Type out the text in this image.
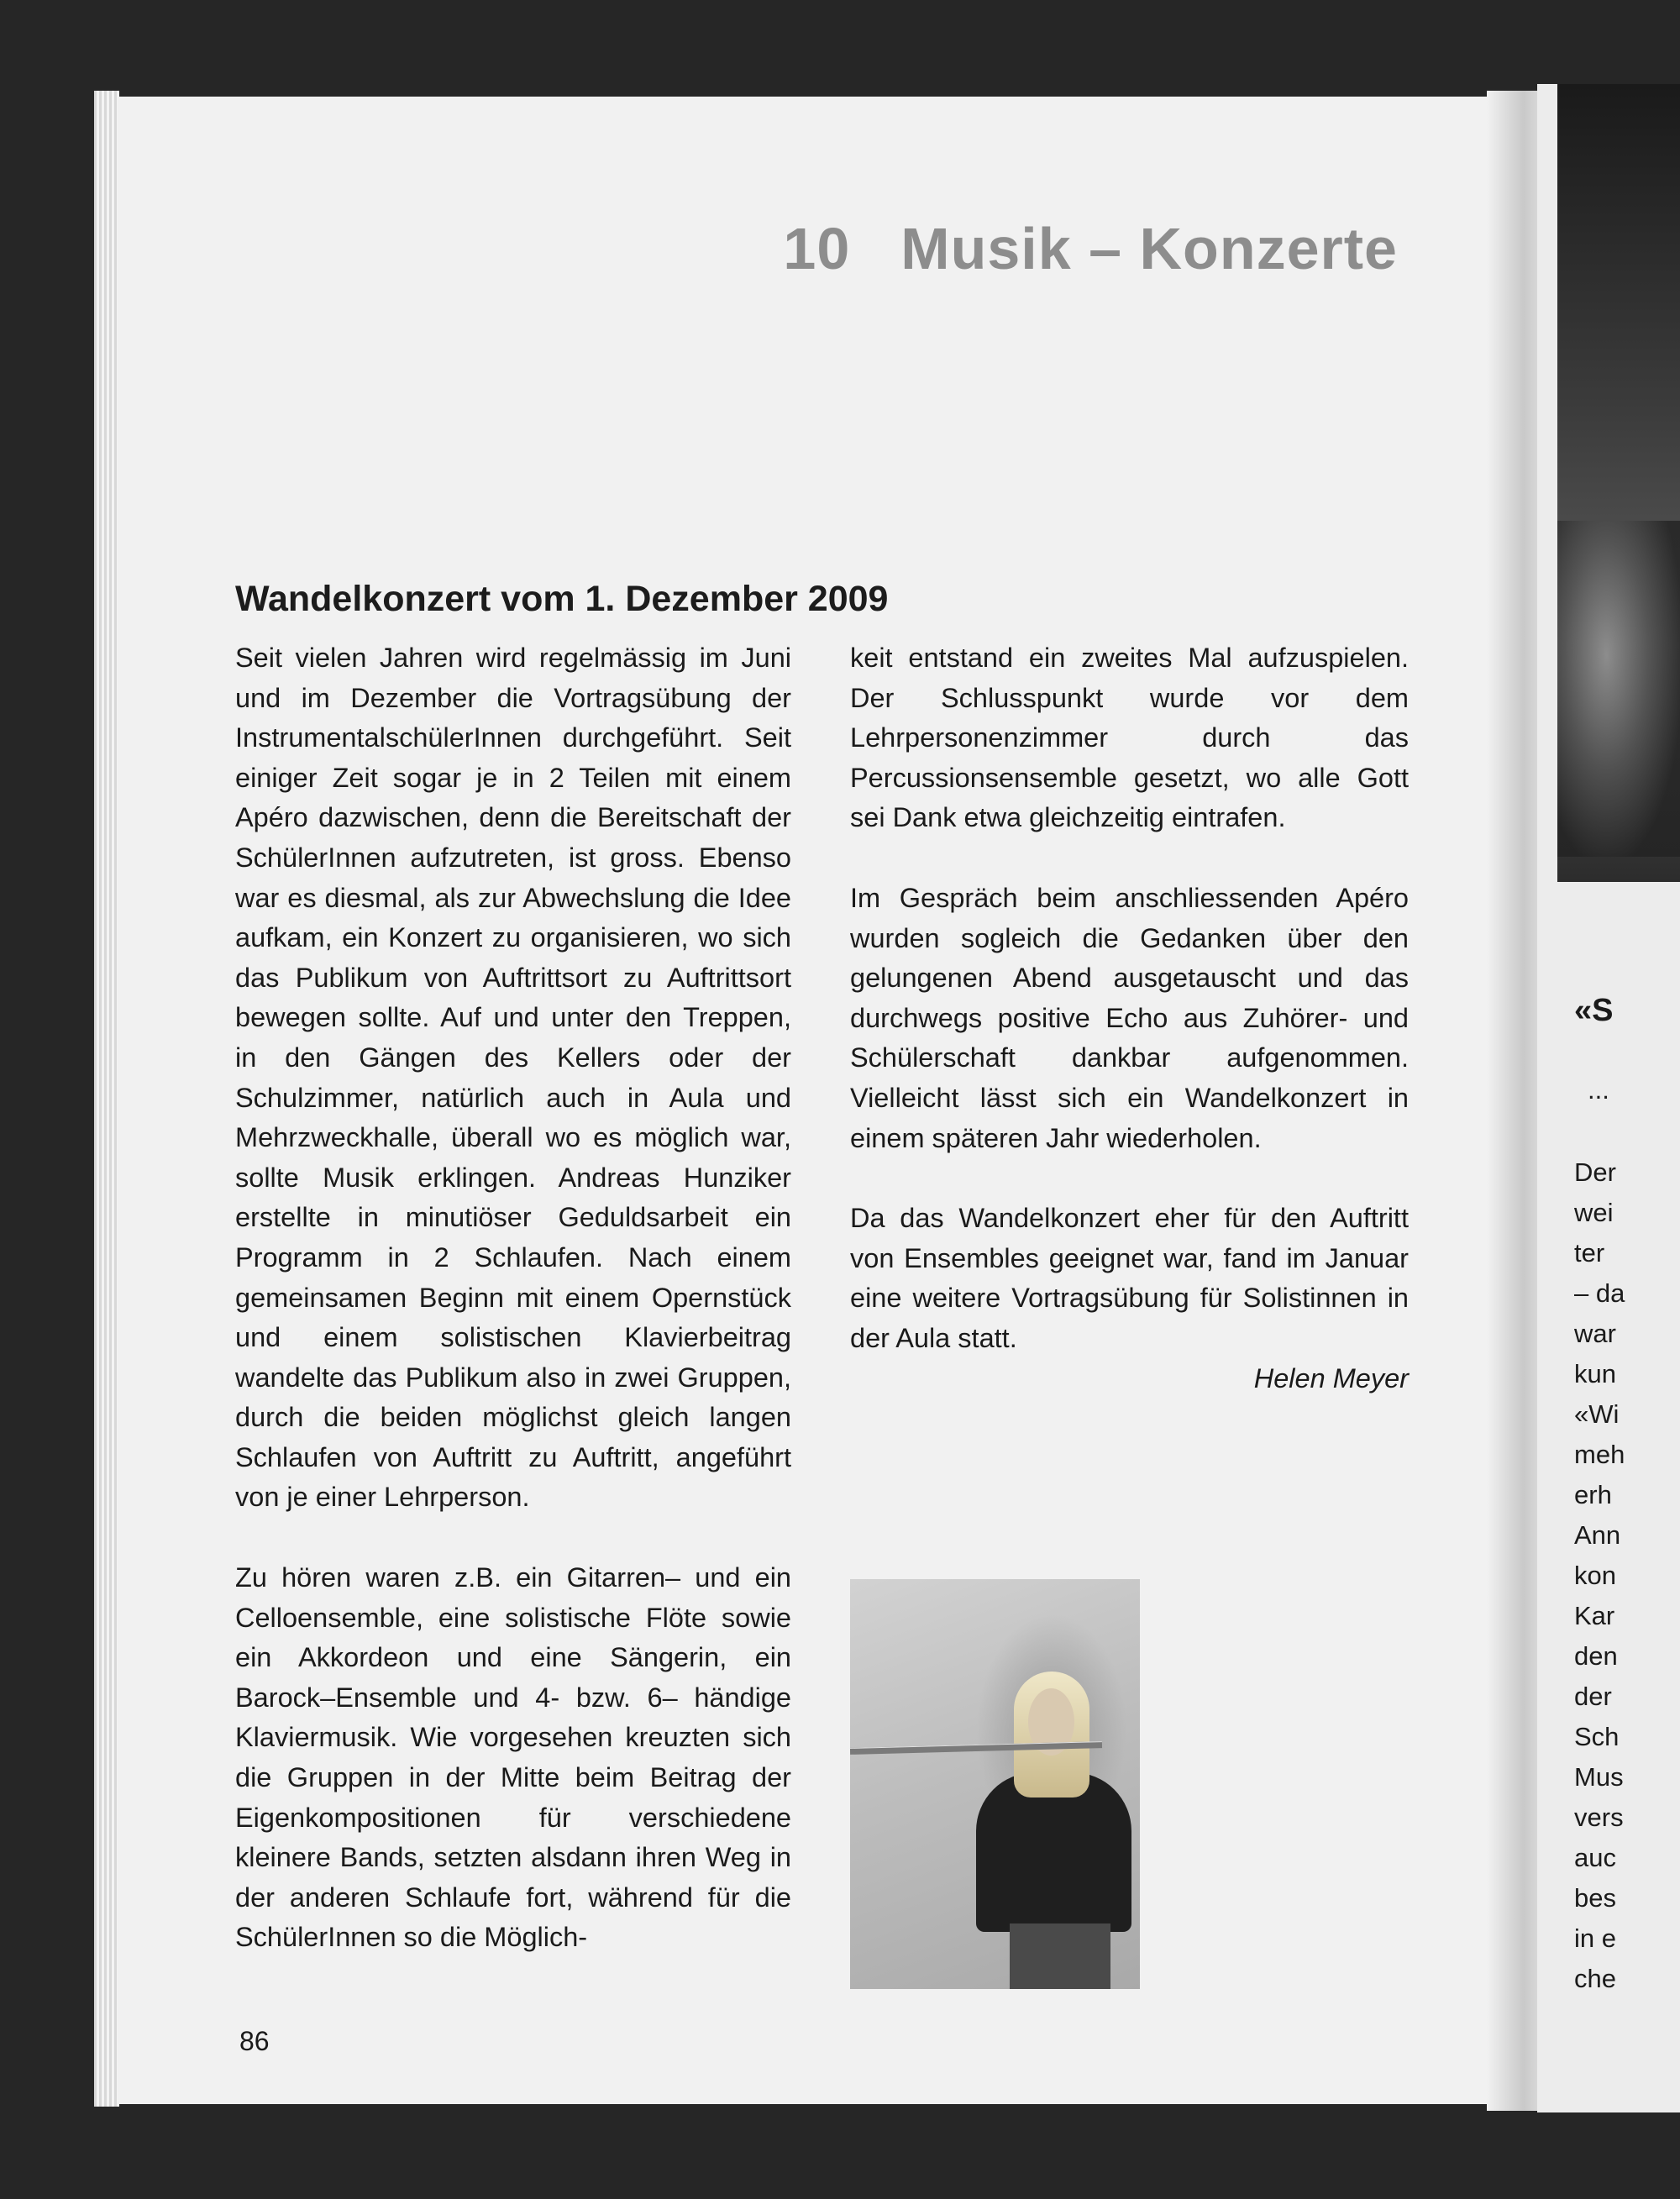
«S
...
Der
wei
ter
– da
war
kun
«Wi
meh
erh
Ann
kon
Kar
den
der
Sch
Mus
vers
auc
bes
in e
che
10 Musik – Konzerte
Wandelkonzert vom 1. Dezember 2009

Seit vielen Jahren wird regelmässig im Juni und im Dezember die Vortragsübung der InstrumentalschülerInnen durchgeführt. Seit einiger Zeit sogar je in 2 Teilen mit einem Apéro dazwischen, denn die Bereitschaft der SchülerInnen aufzutreten, ist gross. Ebenso war es diesmal, als zur Abwechslung die Idee aufkam, ein Konzert zu organisieren, wo sich das Publikum von Auftrittsort zu Auftrittsort bewegen sollte. Auf und unter den Treppen, in den Gängen des Kellers oder der Schulzimmer, natürlich auch in Aula und Mehrzweckhalle, überall wo es möglich war, sollte Musik erklingen. Andreas Hunziker erstellte in minutiöser Geduldsarbeit ein Programm in 2 Schlaufen. Nach einem gemeinsamen Beginn mit einem Opernstück und einem solistischen Klavierbeitrag wandelte das Publikum also in zwei Gruppen, durch die beiden möglichst gleich langen Schlaufen von Auftritt zu Auftritt, angeführt von je einer Lehrperson.

Zu hören waren z.B. ein Gitarren– und ein Celloensemble, eine solistische Flöte sowie ein Akkordeon und eine Sängerin, ein Barock–Ensemble und 4- bzw. 6– händige Klaviermusik. Wie vorgesehen kreuzten sich die Gruppen in der Mitte beim Beitrag der Eigenkompositionen für verschiedene kleinere Bands, setzten alsdann ihren Weg in der anderen Schlaufe fort, während für die SchülerInnen so die Möglich-

keit entstand ein zweites Mal aufzuspielen. Der Schlusspunkt wurde vor dem Lehrpersonenzimmer durch das Percussionsensemble gesetzt, wo alle Gott sei Dank etwa gleichzeitig eintrafen.

Im Gespräch beim anschliessenden Apéro wurden sogleich die Gedanken über den gelungenen Abend ausgetauscht und das durchwegs positive Echo aus Zuhörer- und Schülerschaft dankbar aufgenommen. Vielleicht lässt sich ein Wandelkonzert in einem späteren Jahr wiederholen.

Da das Wandelkonzert eher für den Auftritt von Ensembles geeignet war, fand im Januar eine weitere Vortragsübung für Solistinnen in der Aula statt.

Helen Meyer

86
